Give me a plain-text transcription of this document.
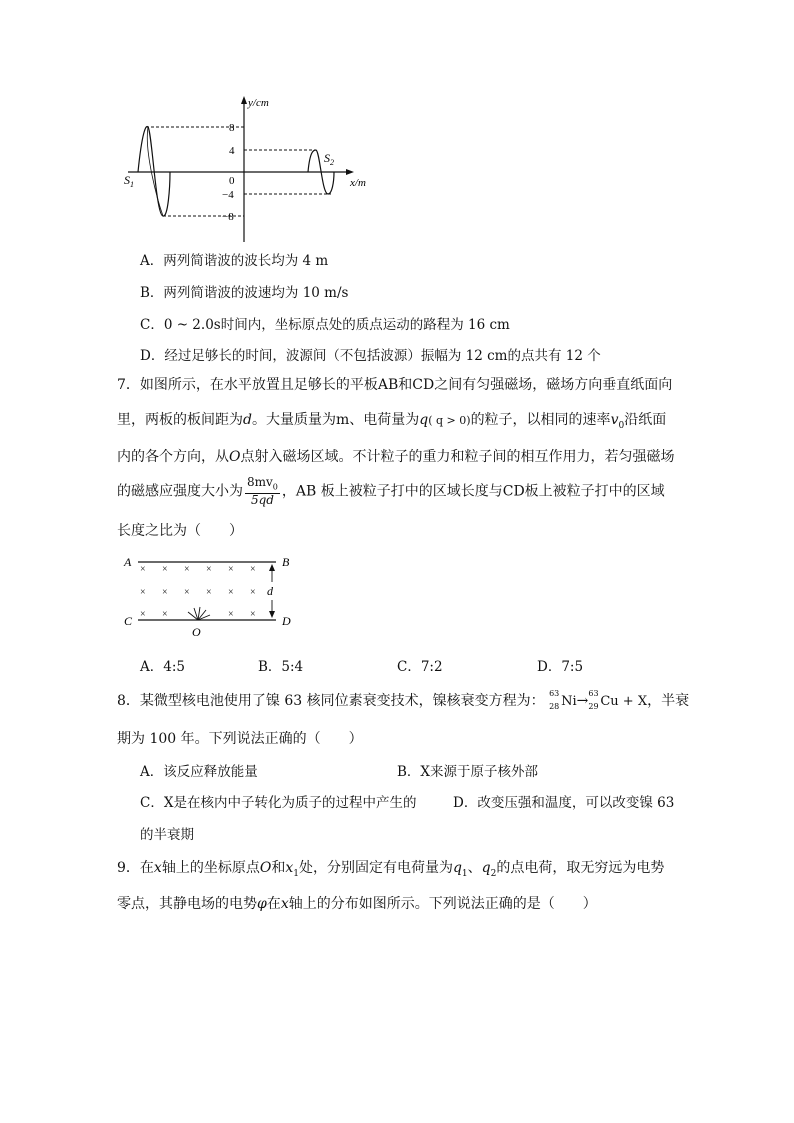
y/cm
x/m
8
4
0
−4
−8
$S_1$
$S_2$
A．两列简谐波的波长均为 4 m
B．两列简谐波的波速均为 10 m/s
C．0 ~ 2.0s时间内，坐标原点处的质点运动的路程为 16 cm
D．经过足够长的时间，波源间（不包括波源）振幅为 12 cm的点共有 12 个
7．如图所示，在水平放置且足够长的平板AB和CD之间有匀强磁场，磁场方向垂直纸面向
里，两板的板间距为d。大量质量为m、电荷量为q( q > 0)的粒子，以相同的速率$v_0$沿纸面
内的各个方向，从O点射入磁场区域。不计粒子的重力和粒子间的相互作用力，若匀强磁场
的磁感应强度大小为 $\frac{8mv_0}{5qd}$ ，AB 板上被粒子打中的区域长度与CD板上被粒子打中的区域
长度之比为（　　）
× × × × × ×
× × × × × ×
× ×	× ×
A	B
C	D
d
O
A．4:5	B．5:4	C．7:2	D．7:5
8．某微型核电池使用了镍 63 核同位素衰变技术，镍核衰变方程为： 63
28 Ni→ 63
29 Cu + X，半衰
期为 100 年。下列说法正确的（　　）
A．该反应释放能量	B．X来源于原子核外部
C．X是在核内中子转化为质子的过程中产生的	D．改变压强和温度，可以改变镍 63
的半衰期
9．在x轴上的坐标原点O和$x_1$处，分别固定有电荷量为$q_1$、$q_2$的点电荷，取无穷远为电势
零点，其静电场的电势φ在x轴上的分布如图所示。下列说法正确的是（　　）
